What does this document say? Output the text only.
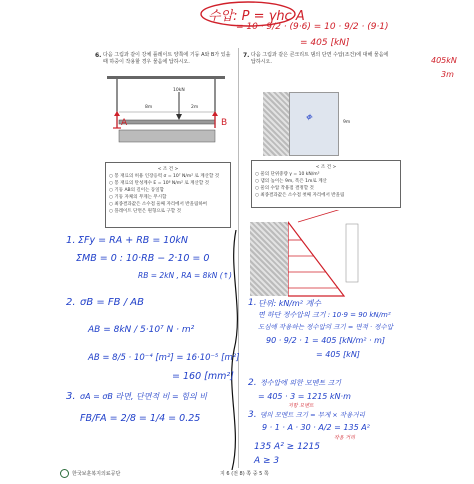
수압: P = γhc A
= 10 · 9/2 · (9·6) = 10 · 9/2 · (9·1)
= 405 [kN]
6. 다음 그림과 같이 강체 플레이트 양쪽에 기둥 A와 B가 있을 때 하중이 작용할 경우 물음에 답하시오.
10kN
8m	2m
A	B
< 조 건 >
○ 봉 재료의 허용 인장응력 σ = 10⁷ N/m² 로 계산할 것
○ 봉 재료의 탄성계수 E = 10⁸ N/m² 로 계산할 것
○ 기둥 AB의 길이는 동일함
○ 기둥 자체의 무게는 무시함
○ 최종결과값은 소수점 둘째 자리에서 반올림하여
○ 플레이트 단면은 원형으로 구할 것
7. 다음 그림과 같은 콘크리트 댐의 단면 수압(조건)에 대해 물음에 답하시오.	405kN
3m
⌖	9m
< 조 건 >
○ 물의 단위중량 γ = 10 kN/m³
○ 댐의 높이는 9m, 폭은 1m로 계산
○ 물의 수압 작용점 결정할 것
○ 최종결과값은 소수점 첫째 자리에서 반올림
1. ΣFy = RA + RB = 10kN
ΣMB = 0 : 10·RB − 2·10 = 0
RB = 2kN , RA = 8kN (↑)
2. σB = FB / AB
AB = 8kN / 5·10⁷ N · m²
AB = 8/5 · 10⁻⁴ [m²] = 16·10⁻⁵ [m²]
= 160 [mm²]
3. σA = σB 라면, 단면적 비 = 힘의 비
FB/FA = 2/8 = 1/4 = 0.25
1. 단위: kN/m² 계수
면 하단 정수압의 크기 : 10·9 = 90 kN/m²
도심에 작용하는 정수압의 크기 = 면적 · 정수압
90 · 9/2 · 1 = 405 [kN/m² · m]
= 405 [kN]
2. 정수압에 의한 모멘트 크기
= 405 · 3 = 1215 kN·m
저항 모멘트
3. 댐의 모멘트 크기 = 무게 × 작용거리
9 · 1 · A · 30 · A/2 = 135 A²
작용 거리
135 A² ≥ 1215
A ≥ 3
한국보훈복지의료공단	지 6 (전 8) 쪽 중 5 쪽
